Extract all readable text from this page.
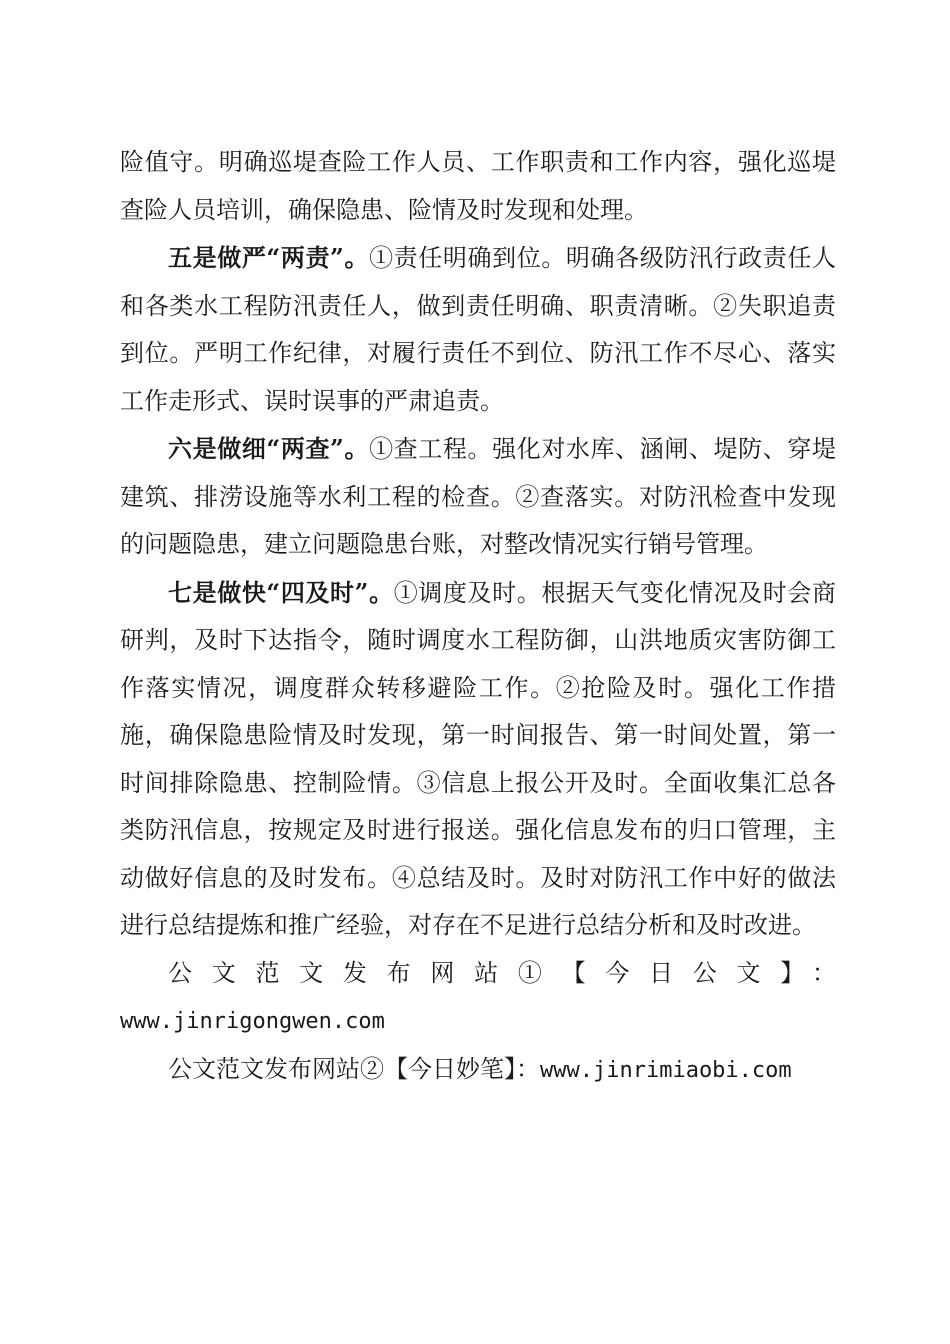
险值守。明确巡堤查险工作人员、工作职责和工作内容，强化巡堤查险人员培训，确保隐患、险情及时发现和处理。

五是做严“两责”。①责任明确到位。明确各级防汛行政责任人和各类水工程防汛责任人，做到责任明确、职责清晰。②失职追责到位。严明工作纪律，对履行责任不到位、防汛工作不尽心、落实工作走形式、误时误事的严肃追责。

六是做细“两查”。①查工程。强化对水库、涵闸、堤防、穿堤建筑、排涝设施等水利工程的检查。②查落实。对防汛检查中发现的问题隐患，建立问题隐患台账，对整改情况实行销号管理。

七是做快“四及时”。①调度及时。根据天气变化情况及时会商研判，及时下达指令，随时调度水工程防御，山洪地质灾害防御工作落实情况，调度群众转移避险工作。②抢险及时。强化工作措施，确保隐患险情及时发现，第一时间报告、第一时间处置，第一时间排除隐患、控制险情。③信息上报公开及时。全面收集汇总各类防汛信息，按规定及时进行报送。强化信息发布的归口管理，主动做好信息的及时发布。④总结及时。及时对防汛工作中好的做法进行总结提炼和推广经验，对存在不足进行总结分析和及时改进。

公文范文发布网站①【今日公文】：

www.jinrigongwen.com

公文范文发布网站②【今日妙笔】：www.jinrimiaobi.com
